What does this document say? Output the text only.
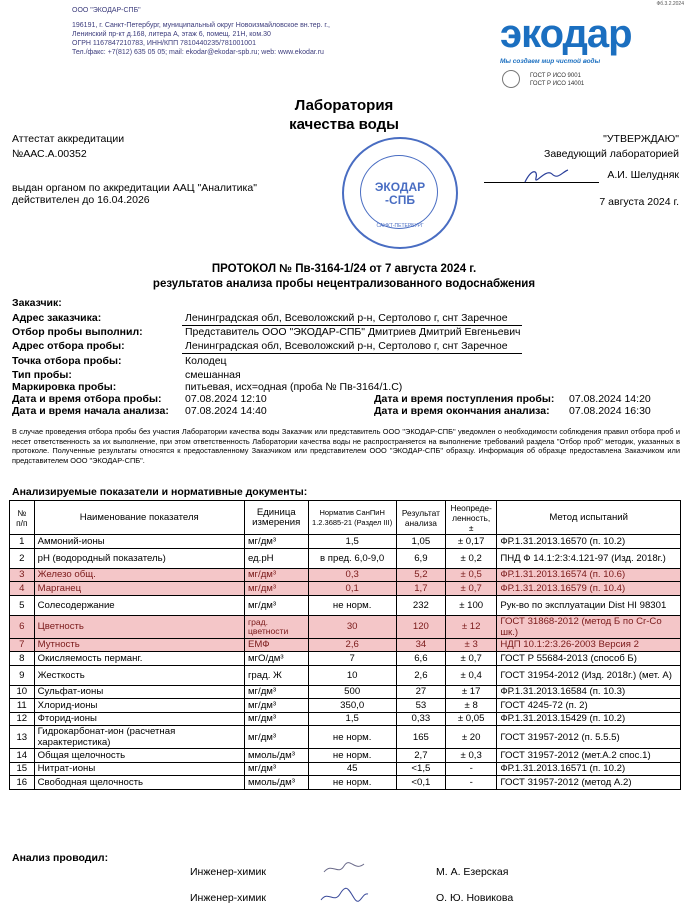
Фб.3.2.2024
ООО "ЭКОДАР-СПБ"
196191, г. Санкт-Петербург, муниципальный округ Новоизмайловское вн.тер. г.,
Ленинский пр-кт д.168, литера А, этаж 6, помещ. 21Н, ком.30
ОГРН 1167847210783, ИНН/КПП 7810440235/781001001
Тел./факс: +7(812) 635 05 05; mail: ekodar@ekodar-spb.ru; web: www.ekodar.ru	экодар
Мы создаем мир чистой воды
ГОСТ Р ИСО 9001
ГОСТ Р ИСО 14001
Лаборатория
качества воды
Аттестат аккредитации
№ААС.А.00352
выдан органом по аккредитации ААЦ "Аналитика"
действителен до 16.04.2026
"УТВЕРЖДАЮ"
Заведующий лабораторией
А.И. Шелудняк
7 августа 2024 г.
ЭКОДАР
-СПБ
САНКТ-ПЕТЕРБУРГ
ПРОТОКОЛ № Пв-3164-1/24 от 7 августа 2024 г.
результатов анализа пробы нецентрализованного водоснабжения
Заказчик:
Адрес заказчика:	Ленинградская обл, Всеволожский р-н, Сертолово г, снт Заречное
Отбор пробы выполнил:	Представитель ООО "ЭКОДАР-СПБ" Дмитриев Дмитрий Евгеньевич
Адрес отбора пробы:	Ленинградская обл, Всеволожский р-н, Сертолово г, снт Заречное
Точка отбора пробы:	Колодец
Тип пробы:	смешанная
Маркировка пробы:	питьевая, исх=одная (проба № Пв-3164/1.С)
Дата и время отбора пробы: 07.08.2024 12:10	Дата и время поступления пробы: 07.08.2024 14:20
Дата и время начала анализа: 07.08.2024 14:40	Дата и время окончания анализа: 07.08.2024 16:30
В случае проведения отбора пробы без участия Лаборатории качества воды Заказчик или представитель ООО "ЭКОДАР-СПБ" уведомлен о необходимости соблюдения правил отбора проб и несет ответственность за их выполнение, при этом ответственность Лаборатории качества воды не распространяется на выполнение требований раздела "Отбор проб" методик, указанных в протоколе. Полученные результаты относятся к предоставленному Заказчиком или представителем ООО "ЭКОДАР-СПБ" образцу. Информация об образце предоставлена Заказчиком или представителем ООО "ЭКОДАР-СПБ".
Анализируемые показатели и нормативные документы:
№ п/п	Наименование показателя	Единица измерения	Норматив СанПиН 1.2.3685-21 (Раздел III)	Результат анализа	Неопреде-ленность, ±	Метод испытаний
1	Аммоний-ионы	мг/дм³	1,5	1,05	± 0,17	ФР.1.31.2013.16570 (п. 10.2)
2	pH (водородный показатель)	ед.pH	в пред. 6,0-9,0	6,9	± 0,2	ПНД Ф 14.1:2:3:4.121-97 (Изд. 2018г.)
3	Железо общ.	мг/дм³	0,3	5,2	± 0,5	ФР.1.31.2013.16574 (п. 10.6)
4	Марганец	мг/дм³	0,1	1,7	± 0,7	ФР.1.31.2013.16579 (п. 10.4)
5	Солесодержание	мг/дм³	не норм.	232	± 100	Рук-во по эксплуатации Dist HI 98301
6	Цветность	град. цветности	30	120	± 12	ГОСТ 31868-2012 (метод Б по Cr-Co шк.)
7	Мутность	ЕМФ	2,6	34	± 3	НДП 10.1:2:3.26-2003 Версия 2
8	Окисляемость перманг.	мгО/дм³	7	6,6	± 0,7	ГОСТ Р 55684-2013 (способ Б)
9	Жесткость	град. Ж	10	2,6	± 0,4	ГОСТ 31954-2012 (Изд. 2018г.) (мет. А)
10	Сульфат-ионы	мг/дм³	500	27	± 17	ФР.1.31.2013.16584 (п. 10.3)
11	Хлорид-ионы	мг/дм³	350,0	53	± 8	ГОСТ 4245-72 (п. 2)
12	Фторид-ионы	мг/дм³	1,5	0,33	± 0,05	ФР.1.31.2013.15429 (п. 10.2)
13	Гидрокарбонат-ион (расчетная характеристика)	мг/дм³	не норм.	165	± 20	ГОСТ 31957-2012 (п. 5.5.5)
14	Общая щелочность	ммоль/дм³	не норм.	2,7	± 0,3	ГОСТ 31957-2012 (мет.А.2 спос.1)
15	Нитрат-ионы	мг/дм³	45	<1,5	-	ФР.1.31.2013.16571 (п. 10.2)
16	Свободная щелочность	ммоль/дм³	не норм.	<0,1	-	ГОСТ 31957-2012 (метод А.2)
Анализ проводил:
Инженер-химик	М. А. Езерская
Инженер-химик	О. Ю. Новикова
